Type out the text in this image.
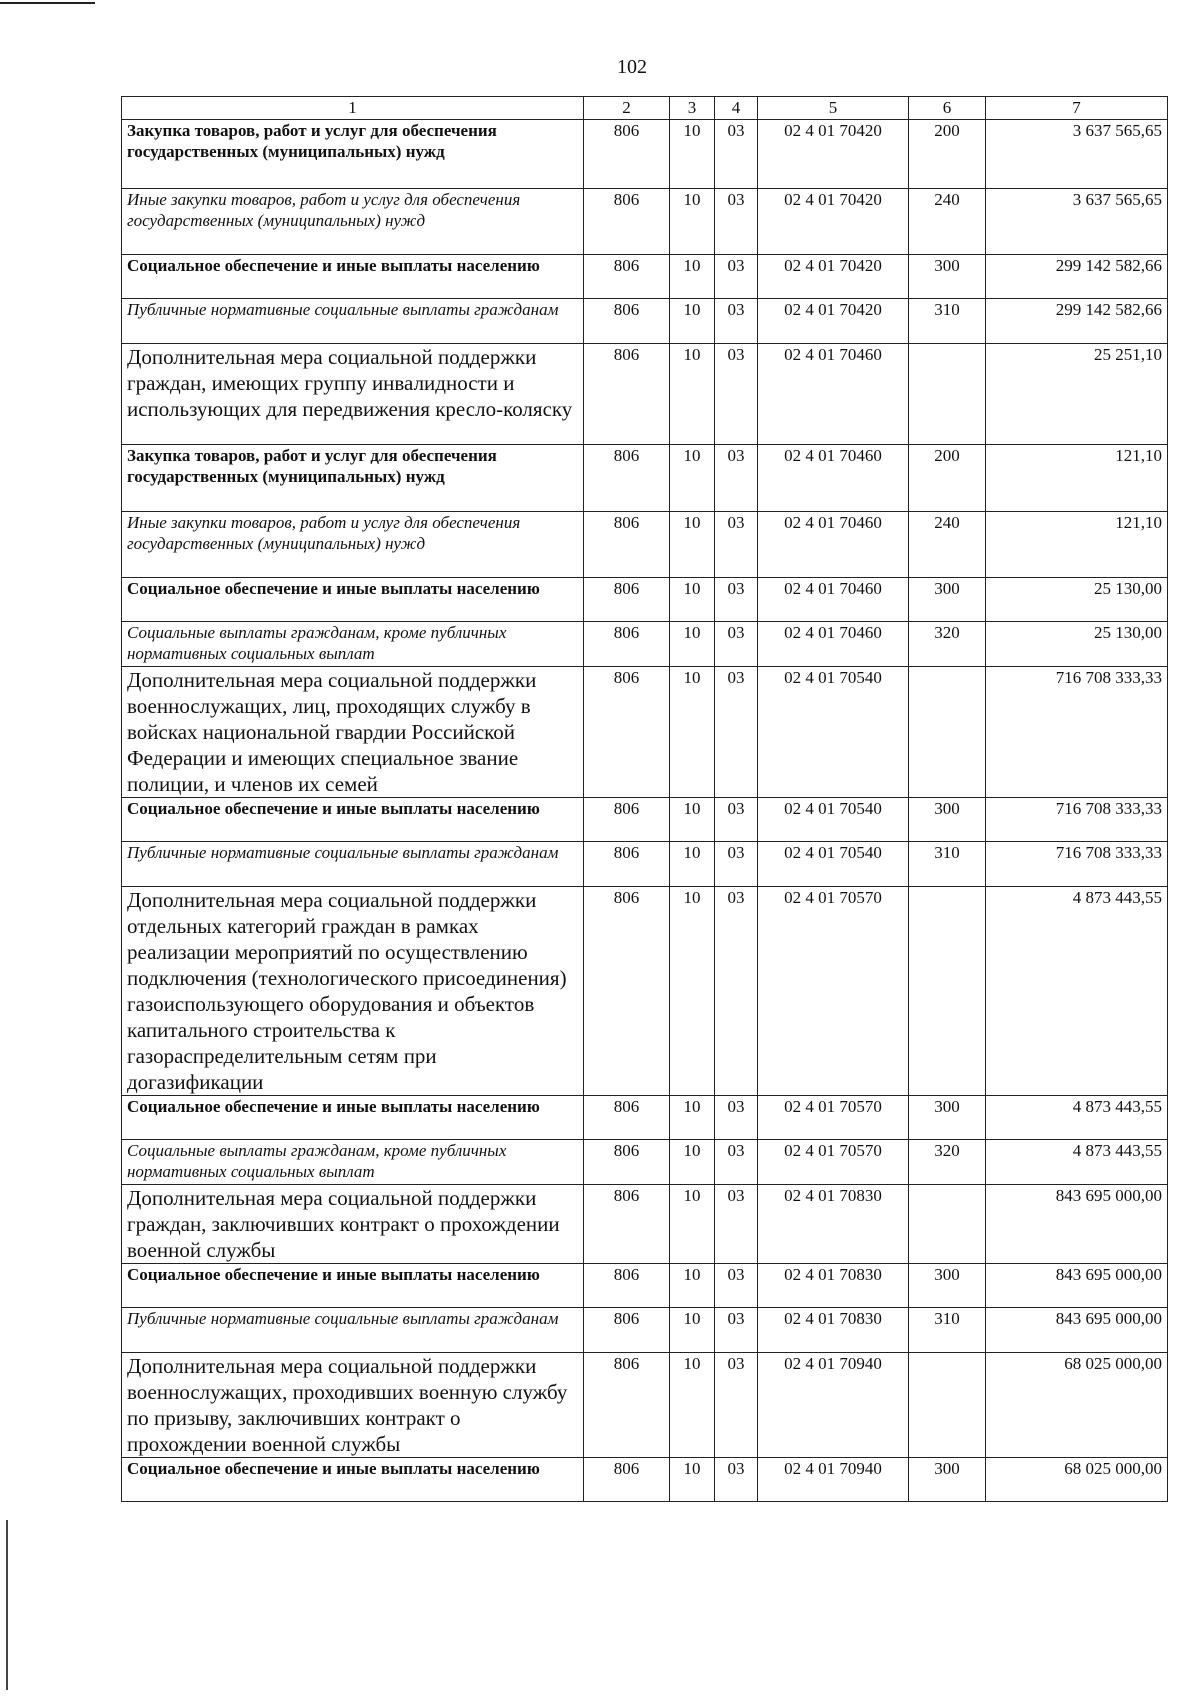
102
1	2	3	4	5	6	7
Закупка товаров, работ и услуг для обеспечения государственных (муниципальных) нужд	806	10	03	02 4 01 70420	200	3 637 565,65
Иные закупки товаров, работ и услуг для обеспечения государственных (муниципальных) нужд	806	10	03	02 4 01 70420	240	3 637 565,65
Социальное обеспечение и иные выплаты населению	806	10	03	02 4 01 70420	300	299 142 582,66
Публичные нормативные социальные выплаты гражданам	806	10	03	02 4 01 70420	310	299 142 582,66
Дополнительная мера социальной поддержки граждан, имеющих группу инвалидности и использующих для передвижения кресло-коляску	806	10	03	02 4 01 70460		25 251,10
Закупка товаров, работ и услуг для обеспечения государственных (муниципальных) нужд	806	10	03	02 4 01 70460	200	121,10
Иные закупки товаров, работ и услуг для обеспечения государственных (муниципальных) нужд	806	10	03	02 4 01 70460	240	121,10
Социальное обеспечение и иные выплаты населению	806	10	03	02 4 01 70460	300	25 130,00
Социальные выплаты гражданам, кроме публичных нормативных социальных выплат	806	10	03	02 4 01 70460	320	25 130,00
Дополнительная мера социальной поддержки военнослужащих, лиц, проходящих службу в войсках национальной гвардии Российской Федерации и имеющих специальное звание полиции, и членов их семей	806	10	03	02 4 01 70540		716 708 333,33
Социальное обеспечение и иные выплаты населению	806	10	03	02 4 01 70540	300	716 708 333,33
Публичные нормативные социальные выплаты гражданам	806	10	03	02 4 01 70540	310	716 708 333,33
Дополнительная мера социальной поддержки отдельных категорий граждан в рамках реализации мероприятий по осуществлению подключения (технологического присоединения) газоиспользующего оборудования и объектов капитального строительства к газораспределительным сетям при догазификации	806	10	03	02 4 01 70570		4 873 443,55
Социальное обеспечение и иные выплаты населению	806	10	03	02 4 01 70570	300	4 873 443,55
Социальные выплаты гражданам, кроме публичных нормативных социальных выплат	806	10	03	02 4 01 70570	320	4 873 443,55
Дополнительная мера социальной поддержки граждан, заключивших контракт о прохождении военной службы	806	10	03	02 4 01 70830		843 695 000,00
Социальное обеспечение и иные выплаты населению	806	10	03	02 4 01 70830	300	843 695 000,00
Публичные нормативные социальные выплаты гражданам	806	10	03	02 4 01 70830	310	843 695 000,00
Дополнительная мера социальной поддержки военнослужащих, проходивших военную службу по призыву, заключивших контракт о прохождении военной службы	806	10	03	02 4 01 70940		68 025 000,00
Социальное обеспечение и иные выплаты населению	806	10	03	02 4 01 70940	300	68 025 000,00
